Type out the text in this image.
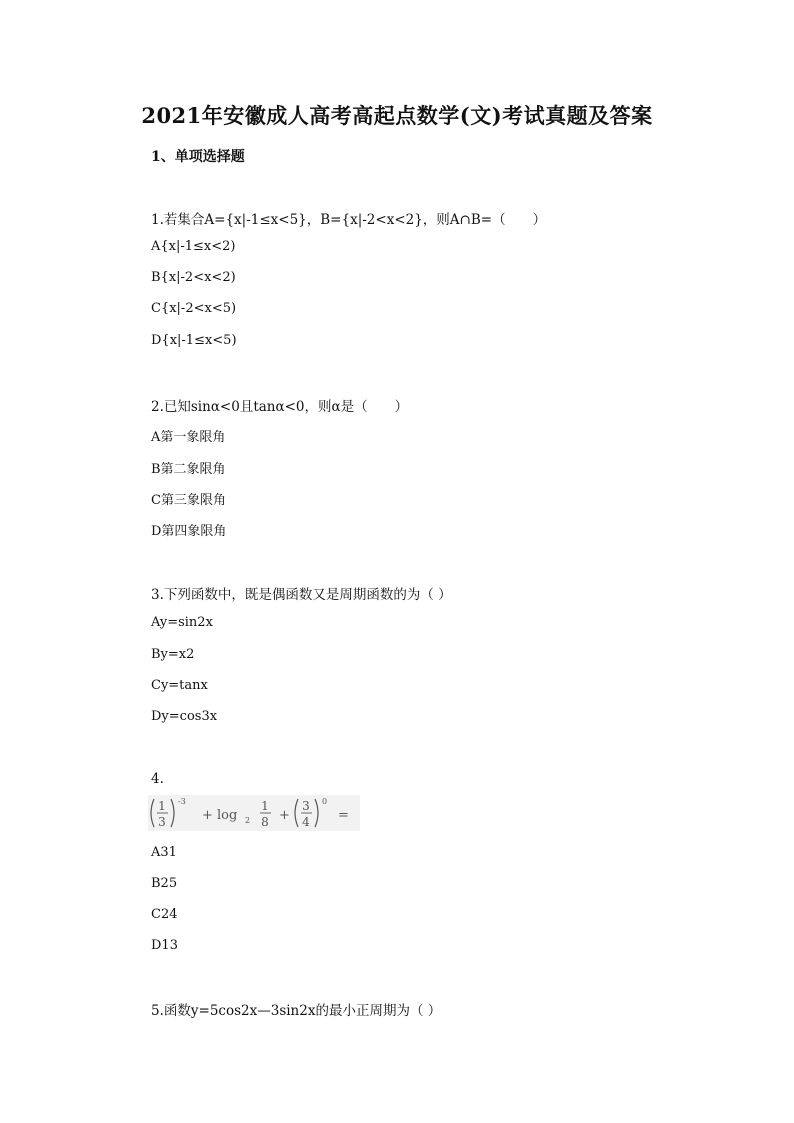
2021年安徽成人高考高起点数学(文)考试真题及答案
1、单项选择题
1.若集合A={x|-1≤x<5}，B={x|-2<x<2}，则A∩B=（　　）
A{x|-1≤x<2)
B{x|-2<x<2)
C{x|-2<x<5)
D{x|-1≤x<5)
2.已知sinα<0且tanα<0，则α是（　　）
A第一象限角
B第二象限角
C第三象限角
D第四象限角
3.下列函数中，既是偶函数又是周期函数的为（ ）
Ay=sin2x
By=x2
Cy=tanx
Dy=cos3x
4.
1
3
-3
+ log 2
1
8 +
3
4
0
=
A31
B25
C24
D13
5.函数y=5cos2x—3sin2x的最小正周期为（ ）
